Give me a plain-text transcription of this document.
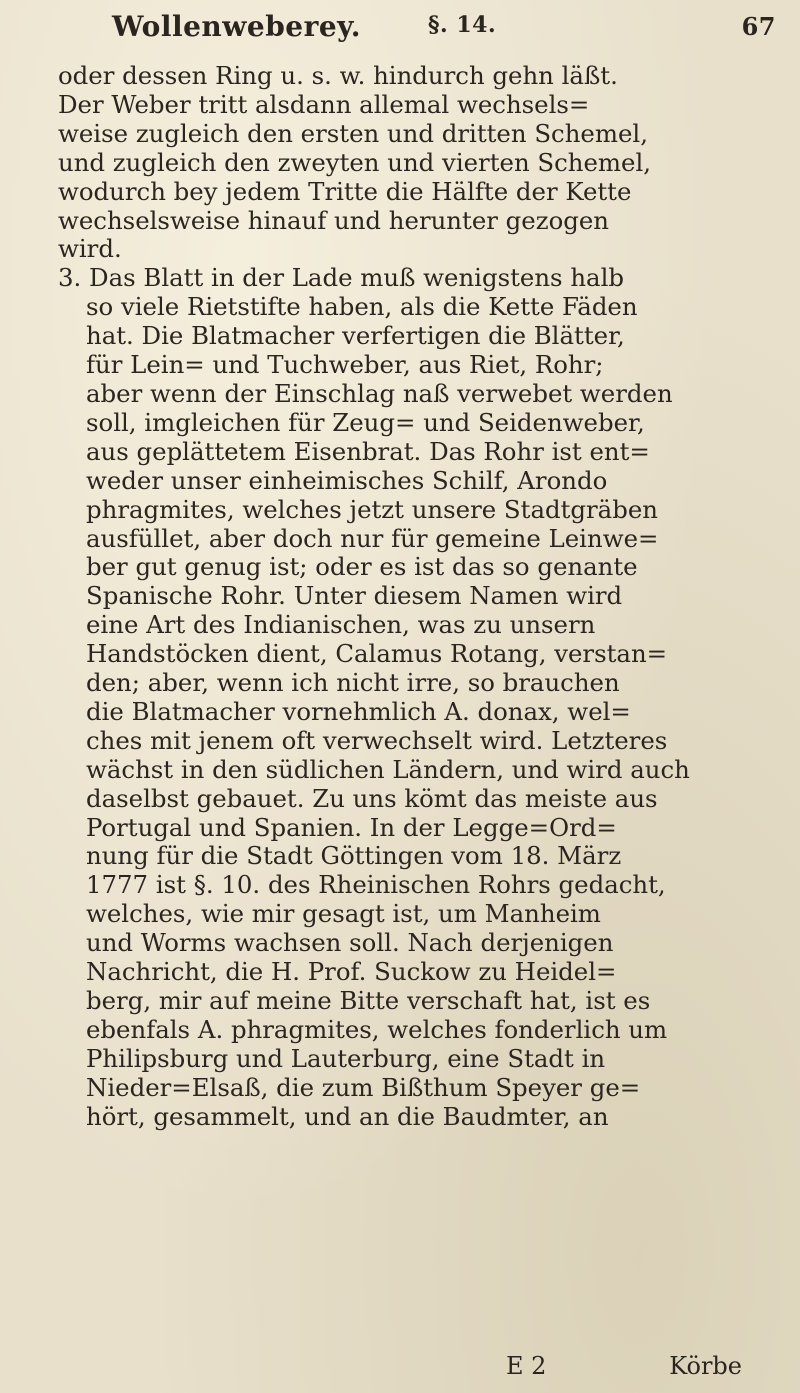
Wollenweberey.	§. 14.	67
oder dessen Ring u. s. w. hindurch gehn läßt.
Der Weber tritt alsdann allemal wechsels=
weise zugleich den ersten und dritten Schemel,
und zugleich den zweyten und vierten Schemel,
wodurch bey jedem Tritte die Hälfte der Kette
wechselsweise hinauf und herunter gezogen
wird.
3. Das Blatt in der Lade muß wenigstens halb
so viele Rietstifte haben, als die Kette Fäden
hat. Die Blatmacher verfertigen die Blätter,
für Lein= und Tuchweber, aus Riet, Rohr;
aber wenn der Einschlag naß verwebet werden
soll, imgleichen für Zeug= und Seidenweber,
aus geplättetem Eisenbrat. Das Rohr ist ent=
weder unser einheimisches Schilf, Arondo
phragmites, welches jetzt unsere Stadtgräben
ausfüllet, aber doch nur für gemeine Leinwe=
ber gut genug ist; oder es ist das so genante
Spanische Rohr. Unter diesem Namen wird
eine Art des Indianischen, was zu unsern
Handstöcken dient, Calamus Rotang, verstan=
den; aber, wenn ich nicht irre, so brauchen
die Blatmacher vornehmlich A. donax, wel=
ches mit jenem oft verwechselt wird. Letzteres
wächst in den südlichen Ländern, und wird auch
daselbst gebauet. Zu uns kömt das meiste aus
Portugal und Spanien. In der Legge=Ord=
nung für die Stadt Göttingen vom 18. März
1777 ist §. 10. des Rheinischen Rohrs gedacht,
welches, wie mir gesagt ist, um Manheim
und Worms wachsen soll. Nach derjenigen
Nachricht, die H. Prof. Suckow zu Heidel=
berg, mir auf meine Bitte verschaft hat, ist es
ebenfals A. phragmites, welches fonderlich um
Philipsburg und Lauterburg, eine Stadt in
Nieder=Elsaß, die zum Bißthum Speyer ge=
hört, gesammelt, und an die Baudmter, an
E 2	Körbe
